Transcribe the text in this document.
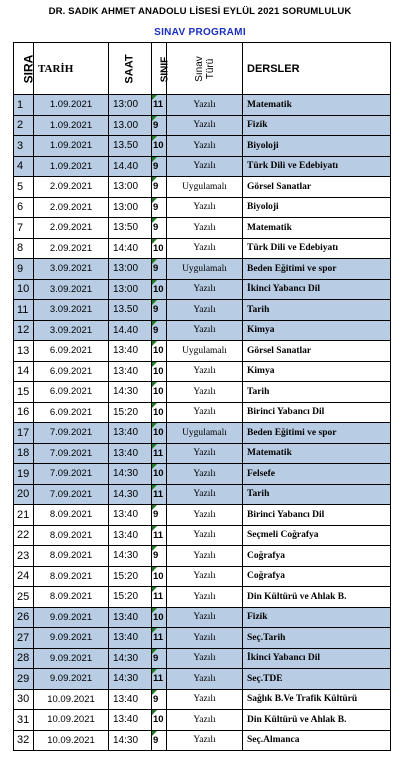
DR. SADIK AHMET ANADOLU LİSESİ EYLÜL 2021 SORUMLULUK
SINAV PROGRAMI
SIRA	TARİH	SAAT	SINIF	Sınav Türü	DERSLER
1	1.09.2021	13:00	11	Yazılı	Matematik
2	1.09.2021	13.00	9	Yazılı	Fizik
3	1.09.2021	13.50	10	Yazılı	Biyoloji
4	1.09.2021	14.40	9	Yazılı	Türk Dili ve Edebiyatı
5	2.09.2021	13:00	9	Uygulamalı	Görsel Sanatlar
6	2.09.2021	13:00	9	Yazılı	Biyoloji
7	2.09.2021	13:50	9	Yazılı	Matematik
8	2.09.2021	14:40	10	Yazılı	Türk Dili ve Edebiyatı
9	3.09.2021	13:00	9	Uygulamalı	Beden Eğitimi ve spor
10	3.09.2021	13:00	10	Yazılı	İkinci Yabancı Dil
11	3.09.2021	13.50	9	Yazılı	Tarih
12	3.09.2021	14.40	9	Yazılı	Kimya
13	6.09.2021	13:40	10	Uygulamalı	Görsel Sanatlar
14	6.09.2021	13:40	10	Yazılı	Kimya
15	6.09.2021	14:30	10	Yazılı	Tarih
16	6.09.2021	15:20	10	Yazılı	Birinci Yabancı Dil
17	7.09.2021	13:40	10	Uygulamalı	Beden Eğitimi ve spor
18	7.09.2021	13:40	11	Yazılı	Matematik
19	7.09.2021	14:30	10	Yazılı	Felsefe
20	7.09.2021	14.30	11	Yazılı	Tarih
21	8.09.2021	13:40	9	Yazılı	Birinci Yabancı Dil
22	8.09.2021	13:40	11	Yazılı	Seçmeli Coğrafya
23	8.09.2021	14:30	9	Yazılı	Coğrafya
24	8.09.2021	15:20	10	Yazılı	Coğrafya
25	8.09.2021	15:20	11	Yazılı	Din Kültürü ve Ahlak B.
26	9.09.2021	13:40	10	Yazılı	Fizik
27	9.09.2021	13:40	11	Yazılı	Seç.Tarih
28	9.09.2021	14:30	9	Yazılı	İkinci Yabancı Dil
29	9.09.2021	14:30	11	Yazılı	Seç.TDE
30	10.09.2021	13:40	9	Yazılı	Sağlık B.Ve Trafik Kültürü
31	10.09.2021	13:40	10	Yazılı	Din Kültürü ve Ahlak B.
32	10.09.2021	14:30	9	Yazılı	Seç.Almanca
